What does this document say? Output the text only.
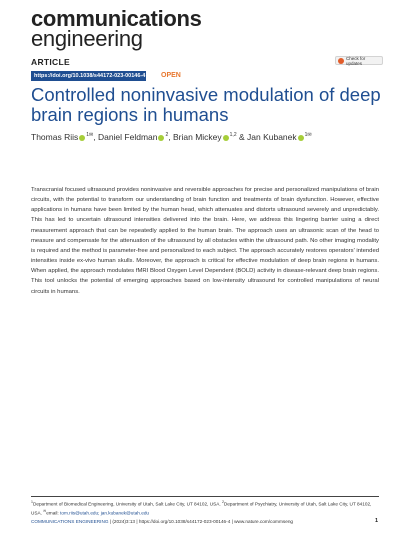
communications
engineering
ARTICLE	Check for updates
https://doi.org/10.1038/s44172-023-00146-4 OPEN
Controlled noninvasive modulation of deep brain regions in humans
Thomas Riis $^{1✉}$, Daniel Feldman $^2$, Brian Mickey $^{1,2}$ & Jan Kubanek $^{1✉}$

Transcranial focused ultrasound provides noninvasive and reversible approaches for precise and personalized manipulations of brain circuits, with the potential to transform our understanding of brain function and treatments of brain dysfunction. However, effective applications in humans have been limited by the human head, which attenuates and distorts ultrasound severely and unpredictably. This has led to uncertain ultrasound intensities delivered into the brain. Here, we address this lingering barrier using a direct measurement approach that can be repeatedly applied to the human brain. The approach uses an ultrasonic scan of the head to measure and compensate for the attenuation of the ultrasound by all obstacles within the ultrasound path. No other imaging modality is required and the method is parameter-free and personalized to each subject. The approach accurately restores operators' intended intensities inside ex-vivo human skulls. Moreover, the approach is critical for effective modulation of deep brain regions in humans. When applied, the approach modulates fMRI Blood Oxygen Level Dependent (BOLD) activity in disease-relevant deep brain regions. This tool unlocks the potential of emerging approaches based on low-intensity ultrasound for controlled manipulations of neural circuits in humans.

$^1$Department of Biomedical Engineering, University of Utah, Salt Lake City, UT 84102, USA. $^2$Department of Psychiatry, University of Utah, Salt Lake City, UT 84102, USA. ✉email: tom.riis@utah.edu; jan.kubanek@utah.edu

COMMUNICATIONS ENGINEERING | (2024)3:13 | https://doi.org/10.1038/s44172-023-00146-4 | www.nature.com/commseng	1
